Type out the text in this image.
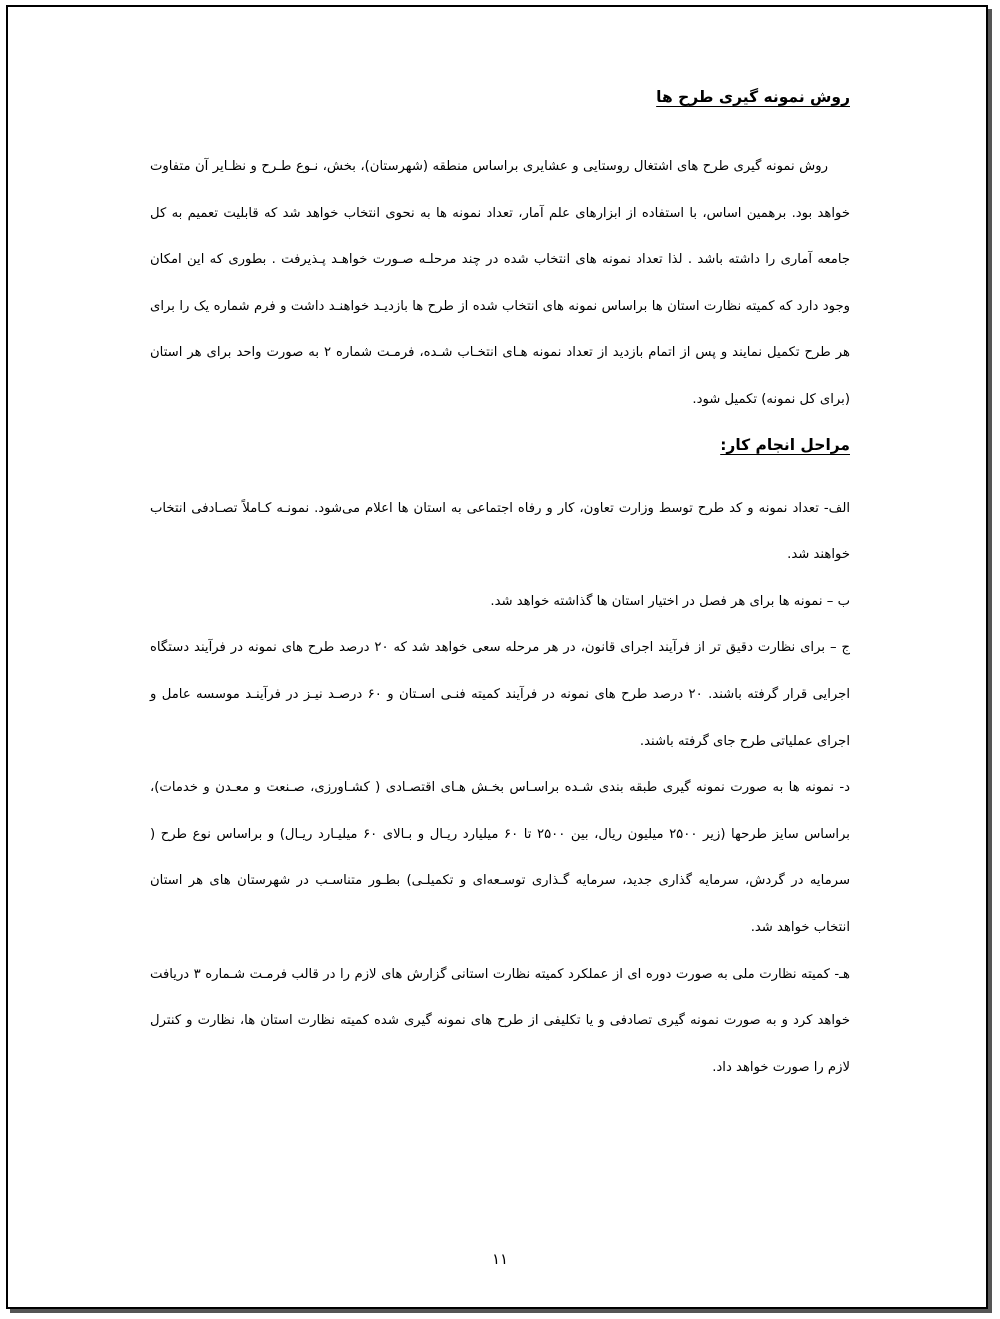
روش نمونه گیری طرح ها

روش نمونه گیری طرح های اشتغال روستایی و عشایری براساس منطقه (شهرستان)، بخش، نـوع طـرح و نظـایر آن متفاوت خواهد بود. برهمین اساس، با استفاده از ابزارهای علم آمار، تعداد نمونه ها به نحوی انتخاب خواهد شد که قابلیت تعمیم به کل جامعه آماری را داشته باشد . لذا تعداد نمونه های انتخاب شده در چند مرحلـه صـورت خواهـد پـذیرفت . بطوری که این امکان وجود دارد که کمیته نظارت استان ها براساس نمونه های انتخاب شده از طرح ها بازدیـد خواهنـد داشت و فرم شماره یک را برای هر طرح تکمیل نمایند و پس از اتمام بازدید از تعداد نمونه هـای انتخـاب شـده، فرمـت شماره ۲ به صورت واحد برای هر استان (برای کل نمونه) تکمیل شود.

مراحل انجام کار:

الف- تعداد نمونه و کد طرح توسط وزارت تعاون، کار و رفاه اجتماعی به استان ها اعلام می‌شود. نمونـه کـاملاً تصـادفی انتخاب خواهند شد.

ب – نمونه ها برای هر فصل در اختیار استان ها گذاشته خواهد شد.

ج – برای نظارت دقیق تر از فرآیند اجرای قانون، در هر مرحله سعی خواهد شد که ۲۰ درصد طرح های نمونه در فرآیند دستگاه اجرایی قرار گرفته باشند. ۲۰ درصد طرح های نمونه در فرآیند کمیته فنـی اسـتان و ۶۰ درصـد نیـز در فرآینـد موسسه عامل و اجرای عملیاتی طرح جای گرفته باشند.

د- نمونه ها به صورت نمونه گیری طبقه بندی شـده براسـاس بخـش هـای اقتصـادی ( کشـاورزی، صـنعت و معـدن و خدمات)، براساس سایز طرحها (زیر ۲۵۰۰ میلیون ریال، بین ۲۵۰۰ تا ۶۰ میلیارد ریـال و بـالای ۶۰ میلیـارد ریـال) و براساس نوع طرح ( سرمایه در گردش، سرمایه گذاری جدید، سرمایه گـذاری توسـعه‌ای و تکمیلـی) بطـور متناسـب در شهرستان های هر استان انتخاب خواهد شد.

هـ- کمیته نظارت ملی به صورت دوره ای از عملکرد کمیته نظارت استانی گزارش های لازم را در قالب فرمـت شـماره ۳ دریافت خواهد کرد و به صورت نمونه گیری تصادفی و یا تکلیفی از طرح های نمونه گیری شده کمیته نظارت استان ها، نظارت و کنترل لازم را صورت خواهد داد.

۱۱
